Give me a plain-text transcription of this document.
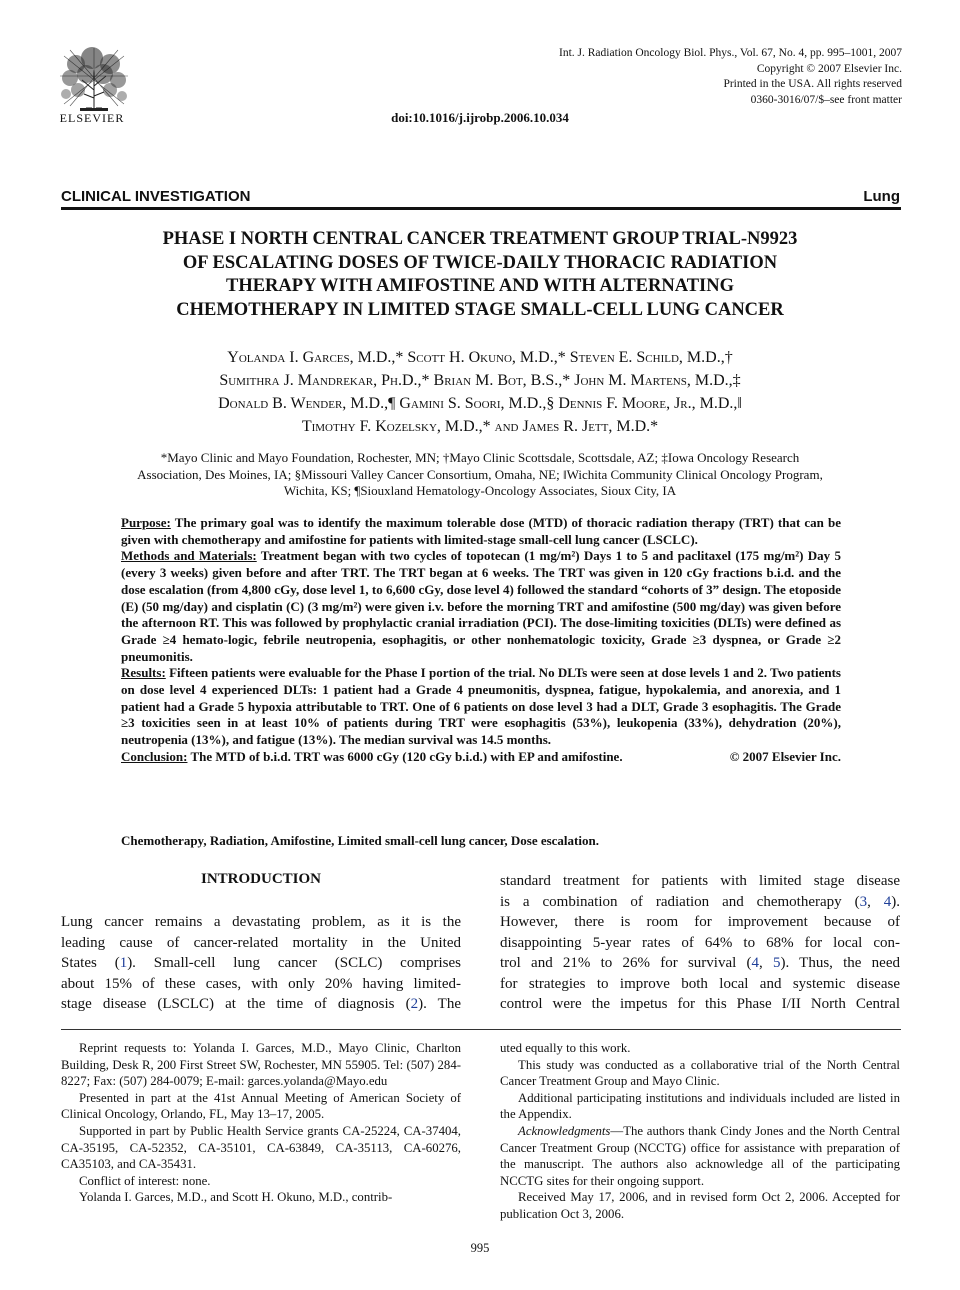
ELSEVIER
Int. J. Radiation Oncology Biol. Phys., Vol. 67, No. 4, pp. 995–1001, 2007
Copyright © 2007 Elsevier Inc.
Printed in the USA. All rights reserved
0360-3016/07/$–see front matter
doi:10.1016/j.ijrobp.2006.10.034
CLINICAL INVESTIGATION	Lung
PHASE I NORTH CENTRAL CANCER TREATMENT GROUP TRIAL-N9923
OF ESCALATING DOSES OF TWICE-DAILY THORACIC RADIATION
THERAPY WITH AMIFOSTINE AND WITH ALTERNATING
CHEMOTHERAPY IN LIMITED STAGE SMALL-CELL LUNG CANCER
Yolanda I. Garces, M.D.,* Scott H. Okuno, M.D.,* Steven E. Schild, M.D.,†
Sumithra J. Mandrekar, Ph.D.,* Brian M. Bot, B.S.,* John M. Martens, M.D.,‡
Donald B. Wender, M.D.,¶ Gamini S. Soori, M.D.,§ Dennis F. Moore, Jr., M.D.,‖
Timothy F. Kozelsky, M.D.,* and James R. Jett, M.D.*
*Mayo Clinic and Mayo Foundation, Rochester, MN; †Mayo Clinic Scottsdale, Scottsdale, AZ; ‡Iowa Oncology Research
Association, Des Moines, IA; §Missouri Valley Cancer Consortium, Omaha, NE; ‖Wichita Community Clinical Oncology Program,
Wichita, KS; ¶Siouxland Hematology-Oncology Associates, Sioux City, IA

Purpose: The primary goal was to identify the maximum tolerable dose (MTD) of thoracic radiation therapy (TRT) that can be given with chemotherapy and amifostine for patients with limited-stage small-cell lung cancer (LSCLC).

Methods and Materials: Treatment began with two cycles of topotecan (1 mg/m²) Days 1 to 5 and paclitaxel (175 mg/m²) Day 5 (every 3 weeks) given before and after TRT. The TRT began at 6 weeks. The TRT was given in 120 cGy fractions b.i.d. and the dose escalation (from 4,800 cGy, dose level 1, to 6,600 cGy, dose level 4) followed the standard “cohorts of 3” design. The etoposide (E) (50 mg/day) and cisplatin (C) (3 mg/m²) were given i.v. before the morning TRT and amifostine (500 mg/day) was given before the afternoon RT. This was followed by prophylactic cranial irradiation (PCI). The dose-limiting toxicities (DLTs) were defined as Grade ≥4 hemato-logic, febrile neutropenia, esophagitis, or other nonhematologic toxicity, Grade ≥3 dyspnea, or Grade ≥2 pneumonitis.

Results: Fifteen patients were evaluable for the Phase I portion of the trial. No DLTs were seen at dose levels 1 and 2. Two patients on dose level 4 experienced DLTs: 1 patient had a Grade 4 pneumonitis, dyspnea, fatigue, hypokalemia, and anorexia, and 1 patient had a Grade 5 hypoxia attributable to TRT. One of 6 patients on dose level 3 had a DLT, Grade 3 esophagitis. The Grade ≥3 toxicities seen in at least 10% of patients during TRT were esophagitis (53%), leukopenia (33%), dehydration (20%), neutropenia (13%), and fatigue (13%). The median survival was 14.5 months.

Conclusion: The MTD of b.i.d. TRT was 6000 cGy (120 cGy b.i.d.) with EP and amifostine.	© 2007 Elsevier Inc.

Chemotherapy, Radiation, Amifostine, Limited small-cell lung cancer, Dose escalation.
INTRODUCTION
Lung cancer remains a devastating problem, as it is the
leading cause of cancer-related mortality in the United
States (1). Small-cell lung cancer (SCLC) comprises
about 15% of these cases, with only 20% having limited-
stage disease (LSCLC) at the time of diagnosis (2). The
standard treatment for patients with limited stage disease
is a combination of radiation and chemotherapy (3, 4).
However, there is room for improvement because of
disappointing 5-year rates of 64% to 68% for local con-
trol and 21% to 26% for survival (4, 5). Thus, the need
for strategies to improve both local and systemic disease
control were the impetus for this Phase I/II North Central

Reprint requests to: Yolanda I. Garces, M.D., Mayo Clinic, Charlton Building, Desk R, 200 First Street SW, Rochester, MN 55905. Tel: (507) 284-8227; Fax: (507) 284-0079; E-mail: garces.yolanda@Mayo.edu

Presented in part at the 41st Annual Meeting of American Society of Clinical Oncology, Orlando, FL, May 13–17, 2005.

Supported in part by Public Health Service grants CA-25224, CA-37404, CA-35195, CA-52352, CA-35101, CA-63849, CA-35113, CA-60276, CA35103, and CA-35431.

Conflict of interest: none.

Yolanda I. Garces, M.D., and Scott H. Okuno, M.D., contrib-

uted equally to this work.

This study was conducted as a collaborative trial of the North Central Cancer Treatment Group and Mayo Clinic.

Additional participating institutions and individuals included are listed in the Appendix.

Acknowledgments—The authors thank Cindy Jones and the North Central Cancer Treatment Group (NCCTG) office for assistance with preparation of the manuscript. The authors also acknowledge all of the participating NCCTG sites for their ongoing support.

Received May 17, 2006, and in revised form Oct 2, 2006. Accepted for publication Oct 3, 2006.

995
